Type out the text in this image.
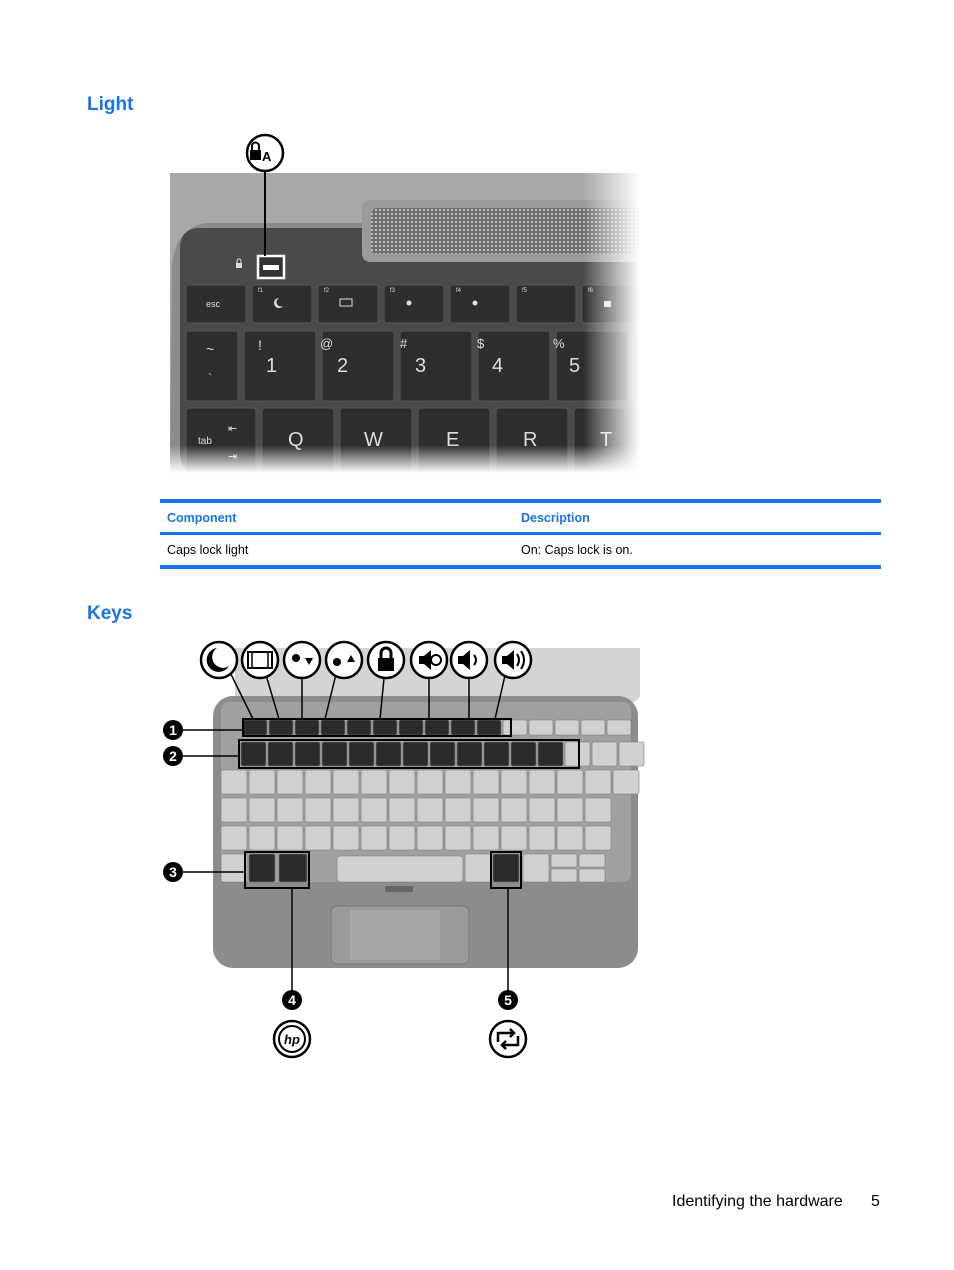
Light
A
Component	Description
Caps lock light	On: Caps lock is on.
Keys
1
2
3
4	5
hp
Identifying the hardware 5
